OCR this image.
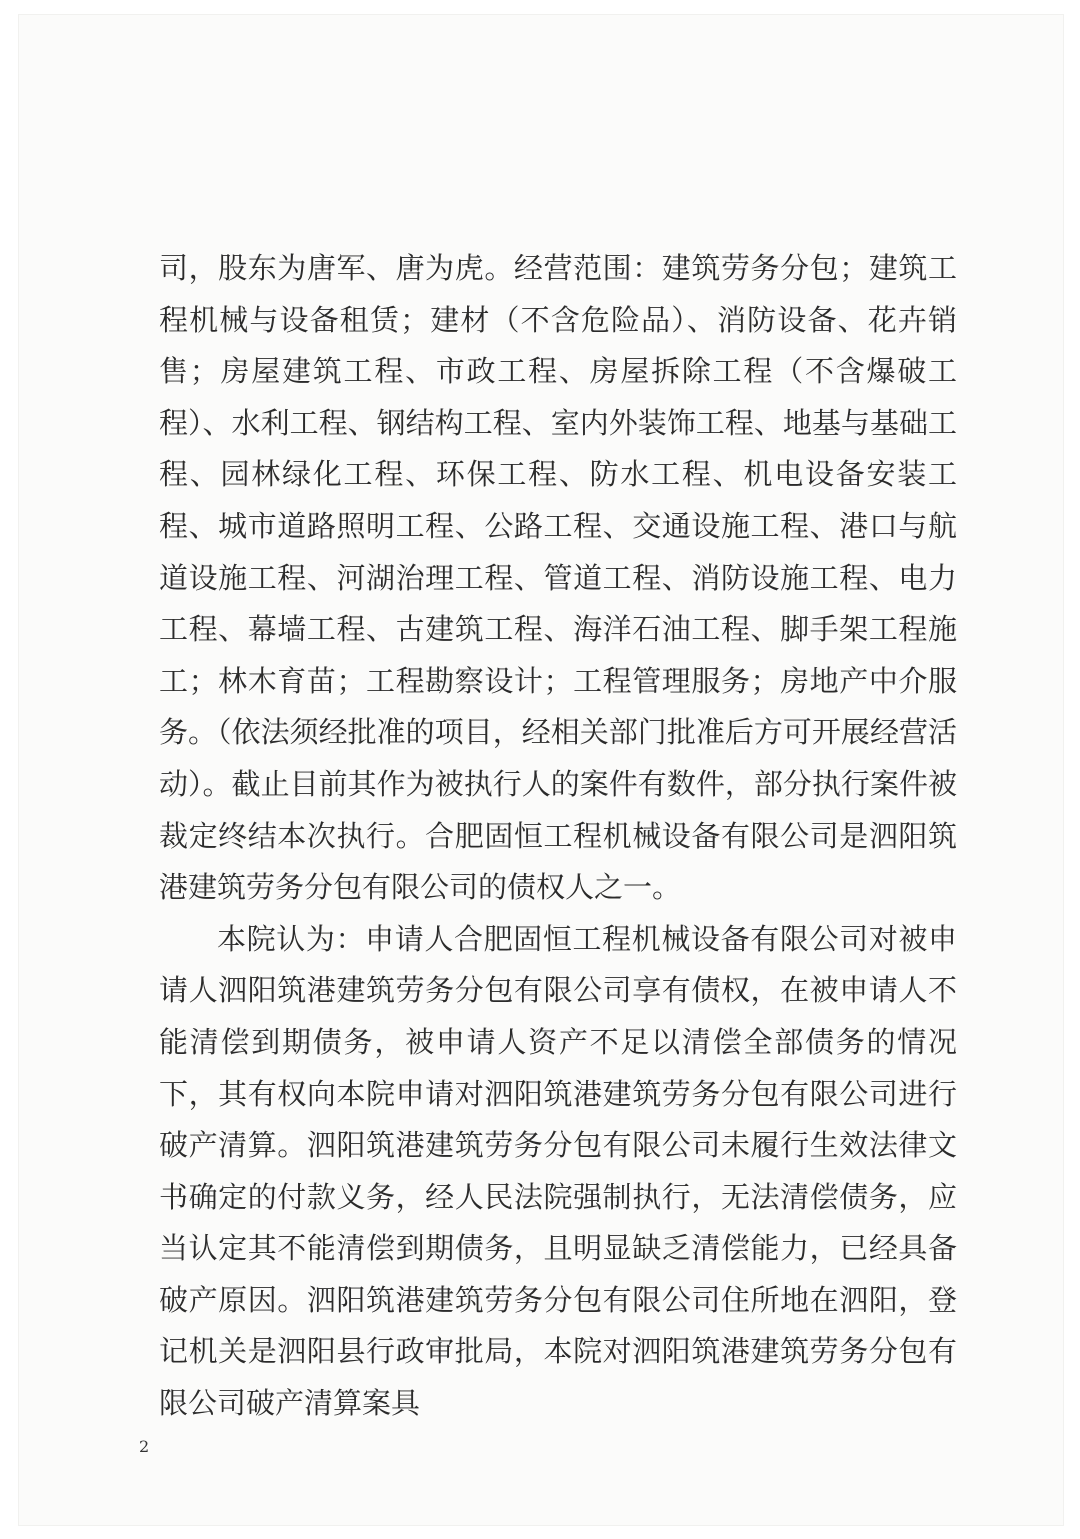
司，股东为唐军、唐为虎。经营范围：建筑劳务分包；建筑工程机械与设备租赁；建材（不含危险品）、消防设备、花卉销售；房屋建筑工程、市政工程、房屋拆除工程（不含爆破工程）、水利工程、钢结构工程、室内外装饰工程、地基与基础工程、园林绿化工程、环保工程、防水工程、机电设备安装工程、城市道路照明工程、公路工程、交通设施工程、港口与航道设施工程、河湖治理工程、管道工程、消防设施工程、电力工程、幕墙工程、古建筑工程、海洋石油工程、脚手架工程施工；林木育苗；工程勘察设计；工程管理服务；房地产中介服务。（依法须经批准的项目，经相关部门批准后方可开展经营活动）。截止目前其作为被执行人的案件有数件，部分执行案件被裁定终结本次执行。合肥固恒工程机械设备有限公司是泗阳筑港建筑劳务分包有限公司的债权人之一。

本院认为：申请人合肥固恒工程机械设备有限公司对被申请人泗阳筑港建筑劳务分包有限公司享有债权，在被申请人不能清偿到期债务，被申请人资产不足以清偿全部债务的情况下，其有权向本院申请对泗阳筑港建筑劳务分包有限公司进行破产清算。泗阳筑港建筑劳务分包有限公司未履行生效法律文书确定的付款义务，经人民法院强制执行，无法清偿债务，应当认定其不能清偿到期债务，且明显缺乏清偿能力，已经具备破产原因。泗阳筑港建筑劳务分包有限公司住所地在泗阳，登记机关是泗阳县行政审批局，本院对泗阳筑港建筑劳务分包有限公司破产清算案具

2
